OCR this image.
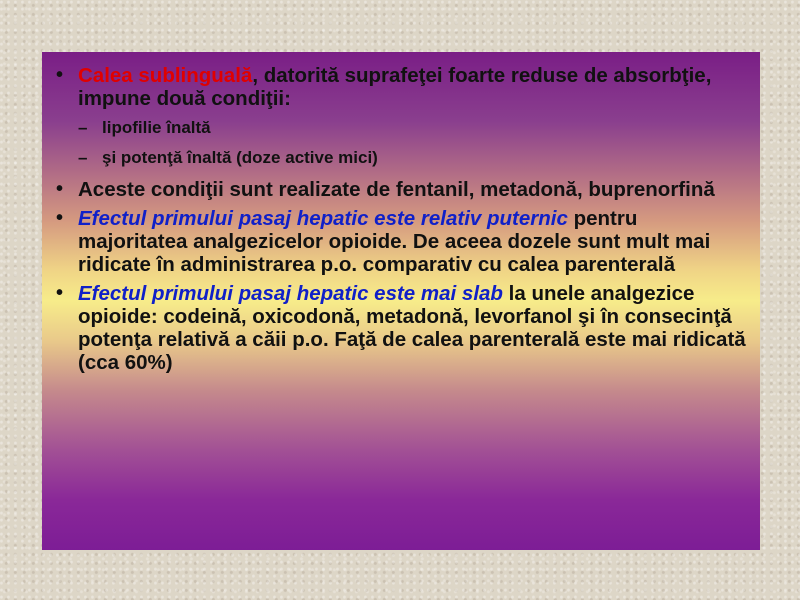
• Calea sublinguală, datorită suprafeţei foarte reduse de absorbţie, impune două condiţii:
– lipofilie înaltă
– şi potenţă înaltă (doze active mici)
• Aceste condiţii sunt realizate de fentanil, metadonă, buprenorfină
• Efectul primului pasaj hepatic este relativ puternic pentru majoritatea analgezicelor opioide. De aceea dozele sunt mult mai ridicate în administrarea p.o. comparativ cu calea parenterală
• Efectul primului pasaj hepatic este mai slab la unele analgezice opioide: codeină, oxicodonă, metadonă, levorfanol şi în consecinţă potenţa relativă a căii p.o. Faţă de calea parenterală este mai ridicată (cca 60%)
